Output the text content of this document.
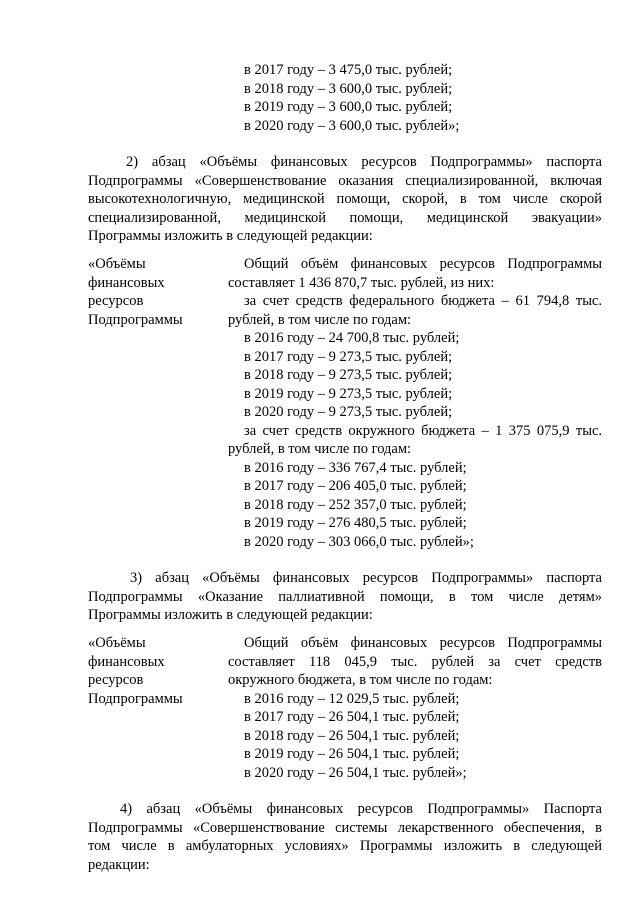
в 2017 году – 3 475,0 тыс. рублей;
в 2018 году – 3 600,0 тыс. рублей;
в 2019 году – 3 600,0 тыс. рублей;
в 2020 году – 3 600,0 тыс. рублей»;
2) абзац «Объёмы финансовых ресурсов Подпрограммы» паспорта
Подпрограммы «Совершенствование оказания специализированной, включая
высокотехнологичную, медицинской помощи, скорой, в том числе скорой
специализированной, медицинской помощи, медицинской эвакуации»
Программы изложить в следующей редакции:
«Объёмы
финансовых
ресурсов
Подпрограммы
Общий объём финансовых ресурсов Подпрограммы
составляет 1 436 870,7 тыс. рублей, из них:
за счет средств федерального бюджета – 61 794,8 тыс.
рублей, в том числе по годам:
в 2016 году – 24 700,8 тыс. рублей;
в 2017 году – 9 273,5 тыс. рублей;
в 2018 году – 9 273,5 тыс. рублей;
в 2019 году – 9 273,5 тыс. рублей;
в 2020 году – 9 273,5 тыс. рублей;
за счет средств окружного бюджета – 1 375 075,9 тыс.
рублей, в том числе по годам:
в 2016 году – 336 767,4 тыс. рублей;
в 2017 году – 206 405,0 тыс. рублей;
в 2018 году – 252 357,0 тыс. рублей;
в 2019 году – 276 480,5 тыс. рублей;
в 2020 году – 303 066,0 тыс. рублей»;
3) абзац «Объёмы финансовых ресурсов Подпрограммы» паспорта
Подпрограммы «Оказание паллиативной помощи, в том числе детям»
Программы изложить в следующей редакции:
«Объёмы
финансовых
ресурсов
Подпрограммы
Общий объём финансовых ресурсов Подпрограммы
составляет 118 045,9 тыс. рублей за счет средств
окружного бюджета, в том числе по годам:
в 2016 году – 12 029,5 тыс. рублей;
в 2017 году – 26 504,1 тыс. рублей;
в 2018 году – 26 504,1 тыс. рублей;
в 2019 году – 26 504,1 тыс. рублей;
в 2020 году – 26 504,1 тыс. рублей»;
4) абзац «Объёмы финансовых ресурсов Подпрограммы» Паспорта
Подпрограммы «Совершенствование системы лекарственного обеспечения, в
том числе в амбулаторных условиях» Программы изложить в следующей
редакции:
